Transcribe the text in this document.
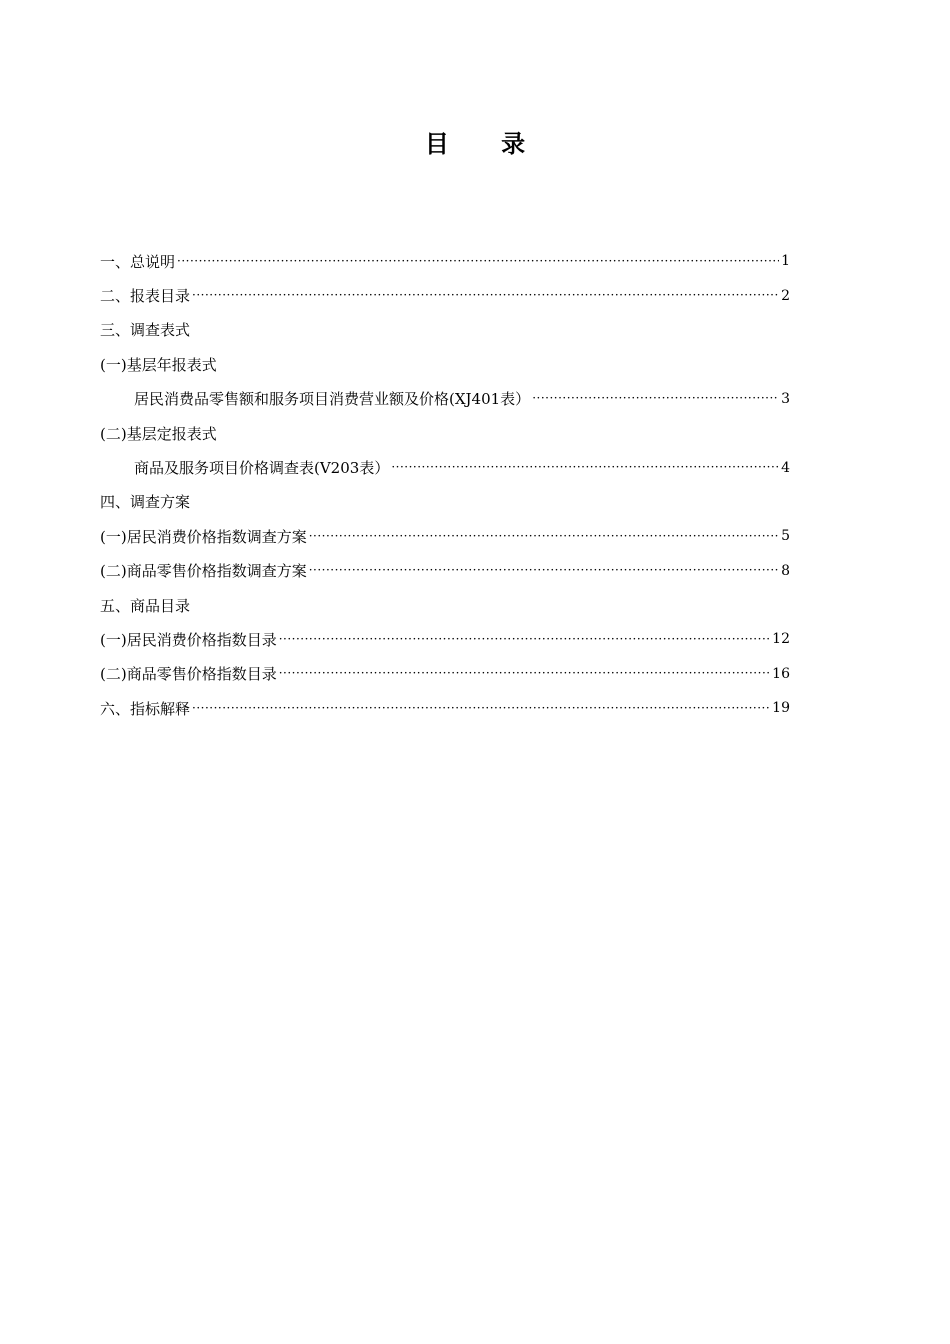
目 录
一、总说明 ·····	1
二、报表目录 ·····	2
三、调查表式
(一)基层年报表式
居民消费品零售额和服务项目消费营业额及价格(XJ401表） ·····	3
(二)基层定报表式
商品及服务项目价格调查表(V203表） ·····	4
四、调查方案
(一)居民消费价格指数调查方案 ·····	5
(二)商品零售价格指数调查方案 ·····	8
五、商品目录
(一)居民消费价格指数目录 ·····	12
(二)商品零售价格指数目录 ·····	16
六、指标解释 ·····	19
